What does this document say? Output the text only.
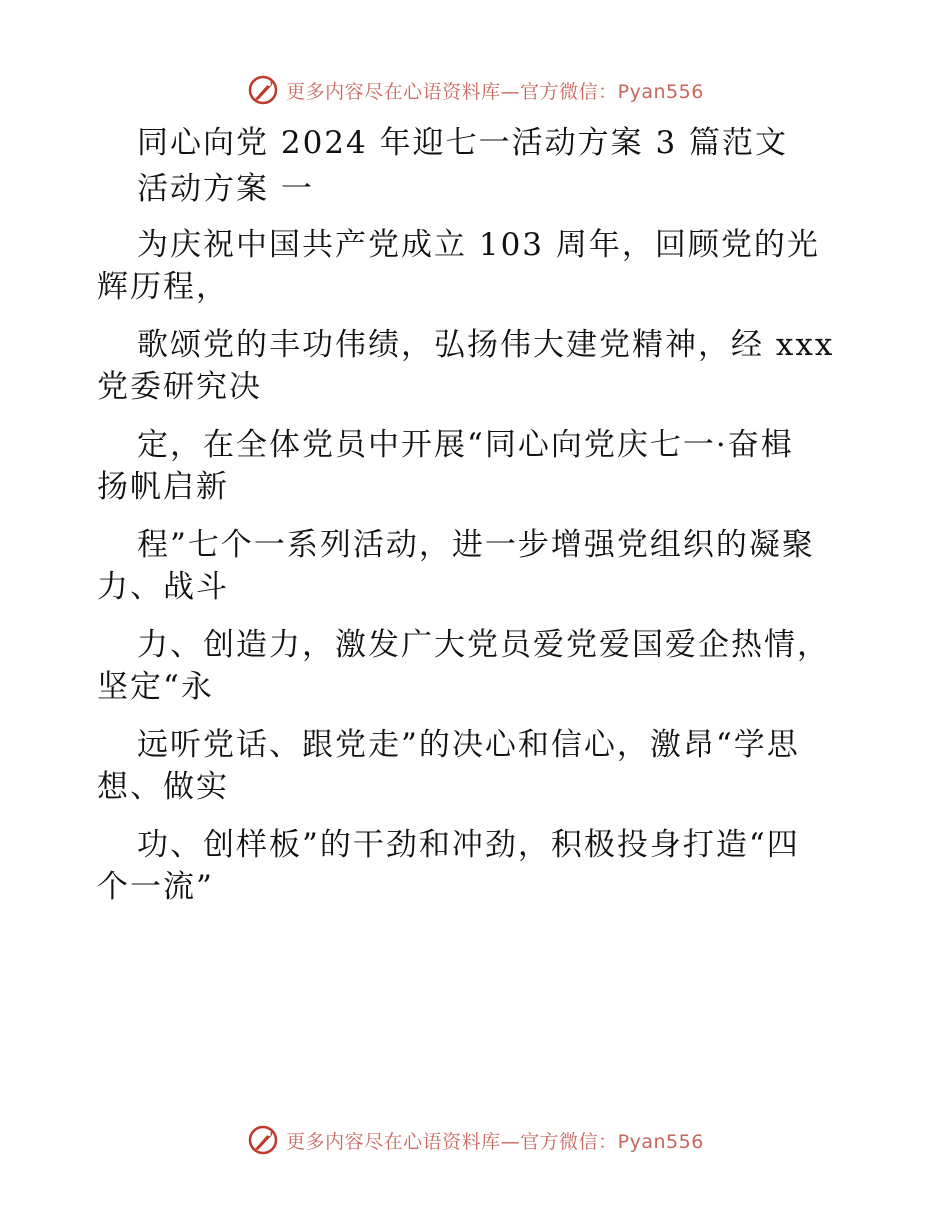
更多内容尽在心语资料库—官方微信：Pyan556
同心向党 2024 年迎七一活动方案 3 篇范文
活动方案 一
为庆祝中国共产党成立 103 周年，回顾党的光
辉历程，
歌颂党的丰功伟绩，弘扬伟大建党精神，经 xxx
党委研究决
定，在全体党员中开展“同心向党庆七一·奋楫
扬帆启新
程”七个一系列活动，进一步增强党组织的凝聚
力、战斗
力、创造力，激发广大党员爱党爱国爱企热情，
坚定“永
远听党话、跟党走”的决心和信心，激昂“学思
想、做实
功、创样板”的干劲和冲劲，积极投身打造“四
个一流”
更多内容尽在心语资料库—官方微信：Pyan556
